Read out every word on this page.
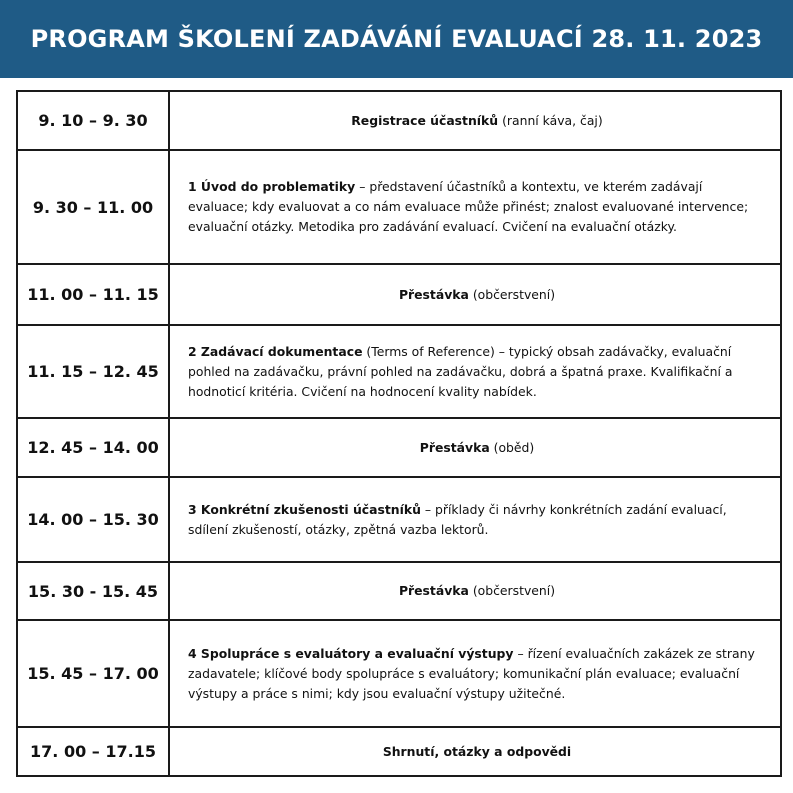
PROGRAM ŠKOLENÍ ZADÁVÁNÍ EVALUACÍ 28. 11. 2023
9. 10 – 9. 30	Registrace účastníků (ranní káva, čaj)
9. 30 – 11. 00	1 Úvod do problematiky – představení účastníků a kontextu, ve kterém zadávají evaluace; kdy evaluovat a co nám evaluace může přinést; znalost evaluované intervence; evaluační otázky. Metodika pro zadávání evaluací. Cvičení na evaluační otázky.
11. 00 – 11. 15	Přestávka (občerstvení)
11. 15 – 12. 45	2 Zadávací dokumentace (Terms of Reference) – typický obsah zadávačky, evaluační pohled na zadávačku, právní pohled na zadávačku, dobrá a špatná praxe. Kvalifikační a hodnoticí kritéria. Cvičení na hodnocení kvality nabídek.
12. 45 – 14. 00	Přestávka (oběd)
14. 00 – 15. 30	3 Konkrétní zkušenosti účastníků – příklady či návrhy konkrétních zadání evaluací, sdílení zkušeností, otázky, zpětná vazba lektorů.
15. 30 - 15. 45	Přestávka (občerstvení)
15. 45 – 17. 00	4 Spolupráce s evaluátory a evaluační výstupy – řízení evaluačních zakázek ze strany zadavatele; klíčové body spolupráce s evaluátory; komunikační plán evaluace; evaluační výstupy a práce s nimi; kdy jsou evaluační výstupy užitečné.
17. 00 – 17.15	Shrnutí, otázky a odpovědi
